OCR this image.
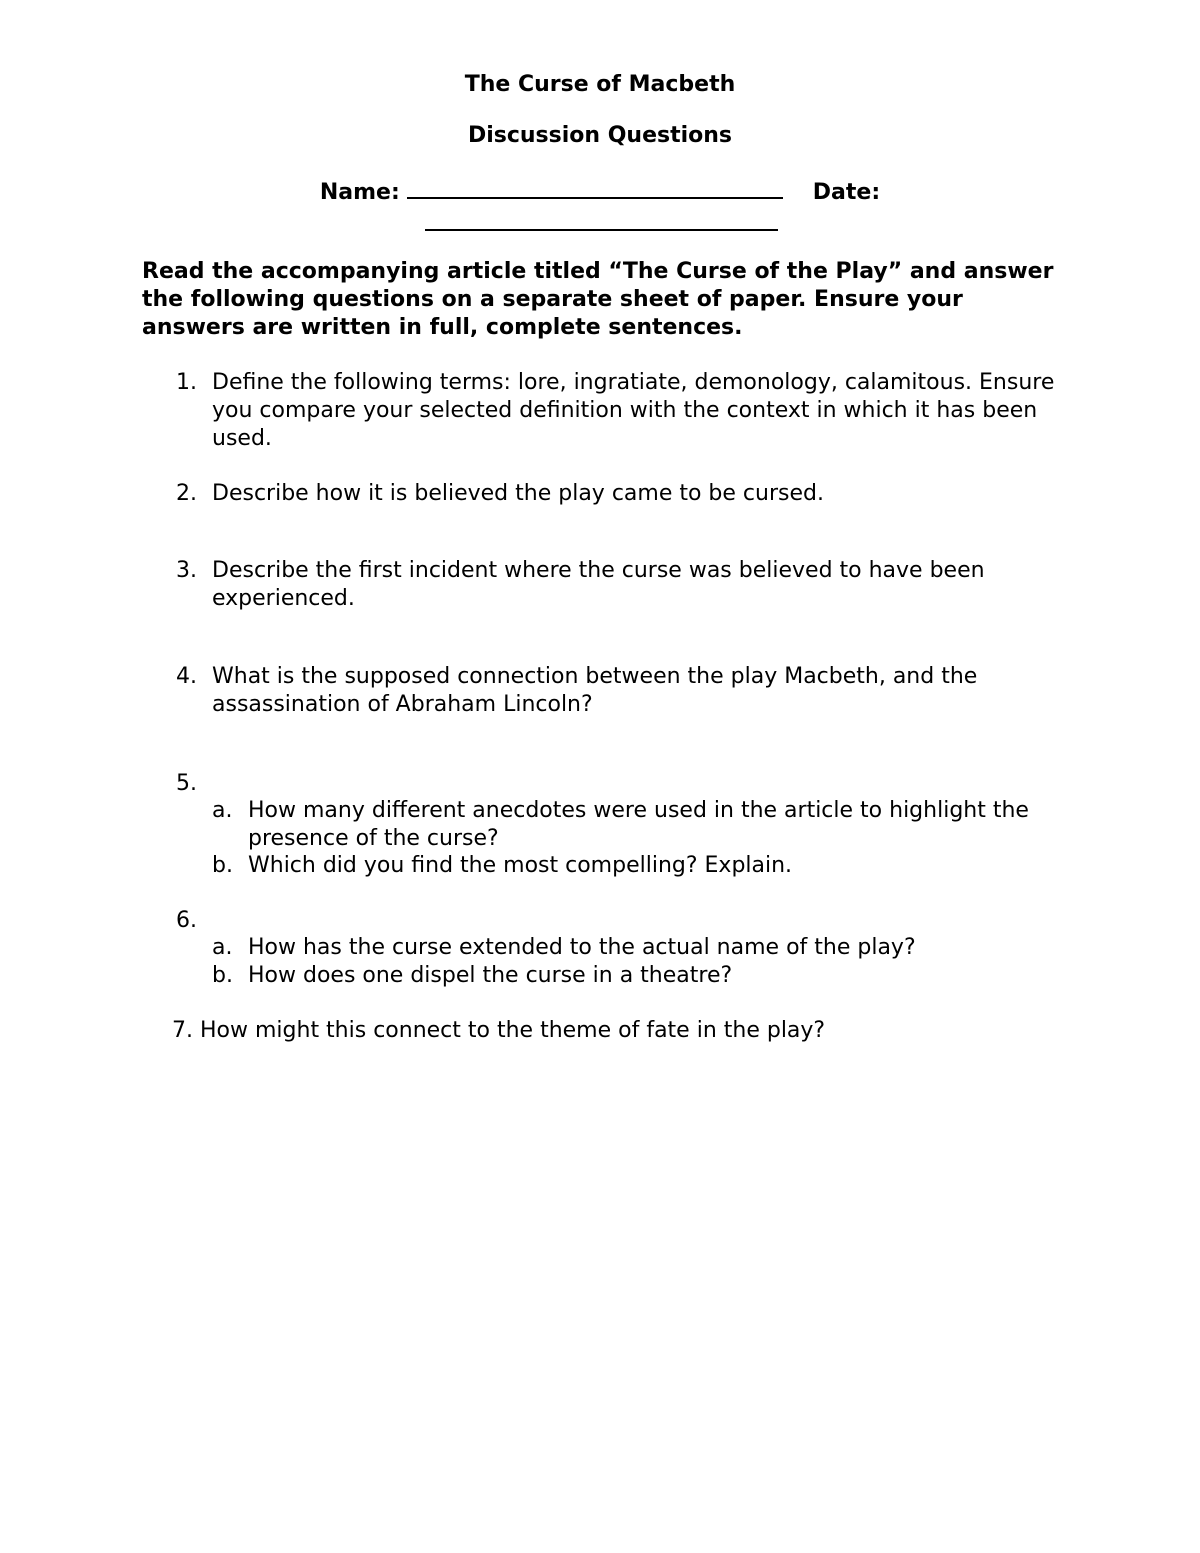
The Curse of Macbeth
Discussion Questions
Name:	Date:
Read the accompanying article titled “The Curse of the Play” and answer the following questions on a separate sheet of paper. Ensure your answers are written in full, complete sentences.
1. Define the following terms: lore, ingratiate, demonology, calamitous. Ensure you compare your selected definition with the context in which it has been used.
2. Describe how it is believed the play came to be cursed.
3. Describe the first incident where the curse was believed to have been experienced.
4. What is the supposed connection between the play Macbeth, and the assassination of Abraham Lincoln?
5.
a. How many different anecdotes were used in the article to highlight the presence of the curse?
b. Which did you find the most compelling? Explain.
6.
a. How has the curse extended to the actual name of the play?
b. How does one dispel the curse in a theatre?
7. How might this connect to the theme of fate in the play?
